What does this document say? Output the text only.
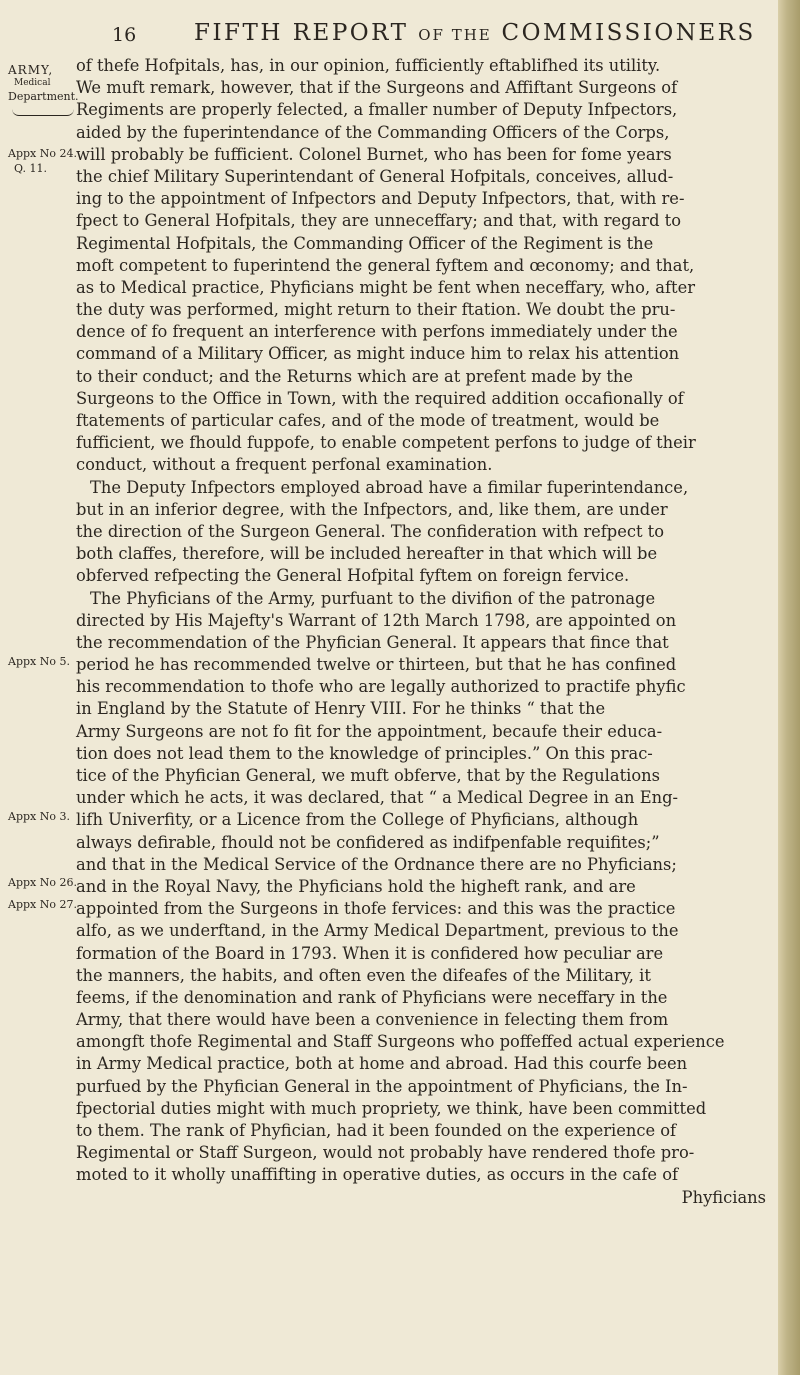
16	FIFTH REPORT OF THE COMMISSIONERS
ARMY,
Medical
Department.
Appx No 24.
Q. 11.
Appx No 5.
Appx No 3.
Appx No 26.
Appx No 27.
of thefe Hofpitals, has, in our opinion, fufficiently eftablifhed its utility.
We muft remark, however, that if the Surgeons and Affiftant Surgeons of
Regiments are properly felected, a fmaller number of Deputy Infpectors,
aided by the fuperintendance of the Commanding Officers of the Corps,
will probably be fufficient. Colonel Burnet, who has been for fome years
the chief Military Superintendant of General Hofpitals, conceives, allud-
ing to the appointment of Infpectors and Deputy Infpectors, that, with re-
fpect to General Hofpitals, they are unneceffary; and that, with regard to
Regimental Hofpitals, the Commanding Officer of the Regiment is the
moft competent to fuperintend the general fyftem and œconomy; and that,
as to Medical practice, Phyficians might be fent when neceffary, who, after
the duty was performed, might return to their ftation. We doubt the pru-
dence of fo frequent an interference with perfons immediately under the
command of a Military Officer, as might induce him to relax his attention
to their conduct; and the Returns which are at prefent made by the
Surgeons to the Office in Town, with the required addition occafionally of
ftatements of particular cafes, and of the mode of treatment, would be
fufficient, we fhould fuppofe, to enable competent perfons to judge of their
conduct, without a frequent perfonal examination.
The Deputy Infpectors employed abroad have a fimilar fuperintendance,
but in an inferior degree, with the Infpectors, and, like them, are under
the direction of the Surgeon General. The confideration with refpect to
both claffes, therefore, will be included hereafter in that which will be
obferved refpecting the General Hofpital fyftem on foreign fervice.
The Phyficians of the Army, purfuant to the divifion of the patronage
directed by His Majefty's Warrant of 12th March 1798, are appointed on
the recommendation of the Phyfician General. It appears that fince that
period he has recommended twelve or thirteen, but that he has confined
his recommendation to thofe who are legally authorized to practife phyfic
in England by the Statute of Henry VIII. For he thinks “ that the
Army Surgeons are not fo fit for the appointment, becaufe their educa-
tion does not lead them to the knowledge of principles.” On this prac-
tice of the Phyfician General, we muft obferve, that by the Regulations
under which he acts, it was declared, that “ a Medical Degree in an Eng-
lifh Univerfity, or a Licence from the College of Phyficians, although
always defirable, fhould not be confidered as indifpenfable requifites;”
and that in the Medical Service of the Ordnance there are no Phyficians;
and in the Royal Navy, the Phyficians hold the higheft rank, and are
appointed from the Surgeons in thofe fervices: and this was the practice
alfo, as we underftand, in the Army Medical Department, previous to the
formation of the Board in 1793. When it is confidered how peculiar are
the manners, the habits, and often even the difeafes of the Military, it
feems, if the denomination and rank of Phyficians were neceffary in the
Army, that there would have been a convenience in felecting them from
amongft thofe Regimental and Staff Surgeons who poffeffed actual experience
in Army Medical practice, both at home and abroad. Had this courfe been
purfued by the Phyfician General in the appointment of Phyficians, the In-
fpectorial duties might with much propriety, we think, have been committed
to them. The rank of Phyfician, had it been founded on the experience of
Regimental or Staff Surgeon, would not probably have rendered thofe pro-
moted to it wholly unaffifting in operative duties, as occurs in the cafe of
Phyficians
